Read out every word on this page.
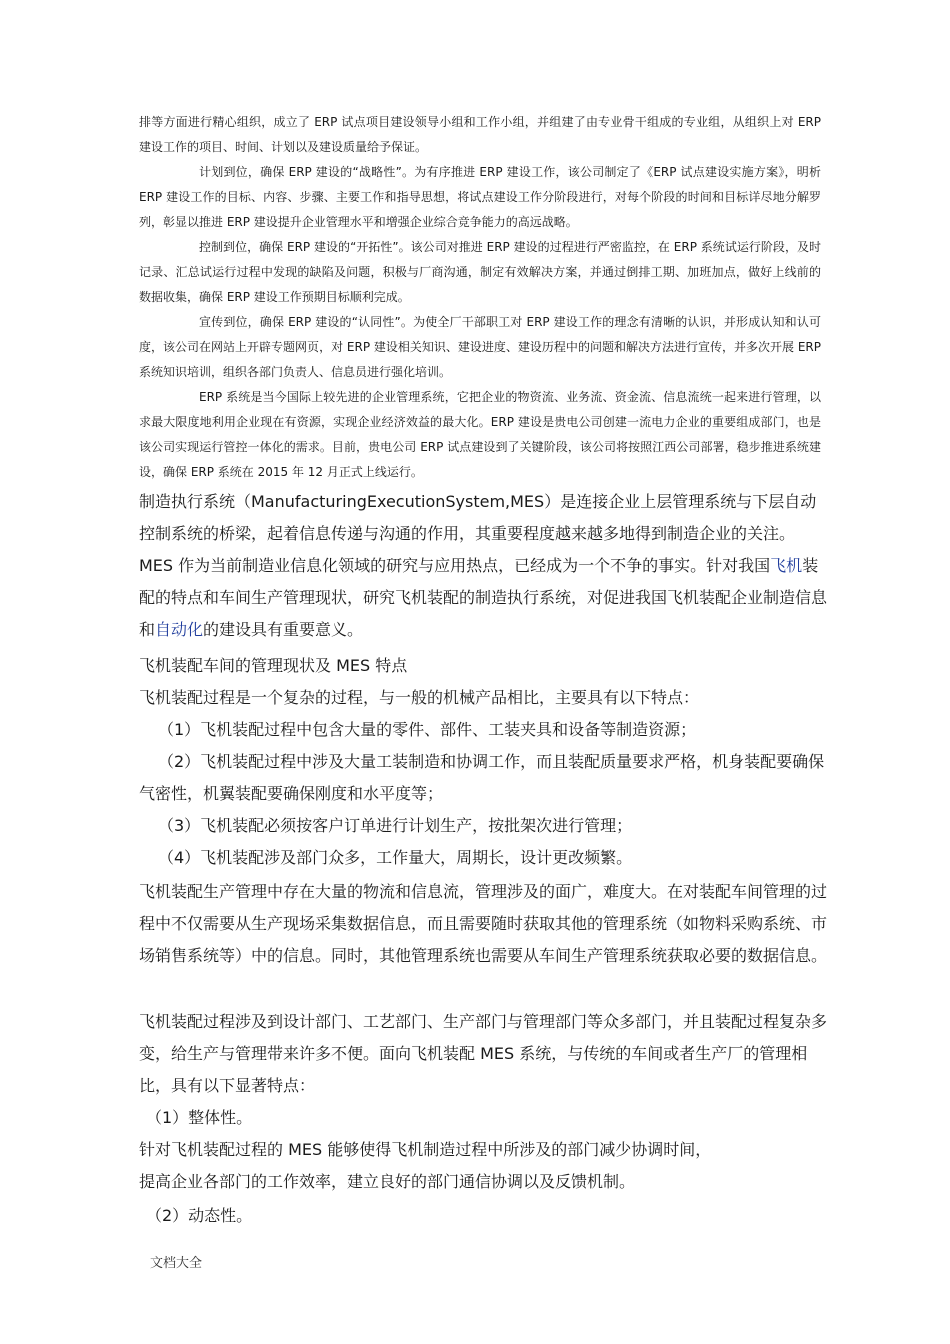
排等方面进行精心组织，成立了 ERP 试点项目建设领导小组和工作小组，并组建了由专业骨干组成的专业组，从组织上对 ERP 建设工作的项目、时间、计划以及建设质量给予保证。

计划到位，确保 ERP 建设的“战略性”。为有序推进 ERP 建设工作，该公司制定了《ERP 试点建设实施方案》，明析 ERP 建设工作的目标、内容、步骤、主要工作和指导思想，将试点建设工作分阶段进行，对每个阶段的时间和目标详尽地分解罗列，彰显以推进 ERP 建设提升企业管理水平和增强企业综合竞争能力的高远战略。

控制到位，确保 ERP 建设的“开拓性”。该公司对推进 ERP 建设的过程进行严密监控，在 ERP 系统试运行阶段，及时记录、汇总试运行过程中发现的缺陷及问题，积极与厂商沟通，制定有效解决方案，并通过倒排工期、加班加点，做好上线前的数据收集，确保 ERP 建设工作预期目标顺利完成。

宣传到位，确保 ERP 建设的“认同性”。为使全厂干部职工对 ERP 建设工作的理念有清晰的认识，并形成认知和认可度，该公司在网站上开辟专题网页，对 ERP 建设相关知识、建设进度、建设历程中的问题和解决方法进行宣传，并多次开展 ERP 系统知识培训，组织各部门负责人、信息员进行强化培训。

ERP 系统是当今国际上较先进的企业管理系统，它把企业的物资流、业务流、资金流、信息流统一起来进行管理，以求最大限度地利用企业现在有资源，实现企业经济效益的最大化。ERP 建设是贵电公司创建一流电力企业的重要组成部门，也是该公司实现运行管控一体化的需求。目前，贵电公司 ERP 试点建设到了关键阶段，该公司将按照江西公司部署，稳步推进系统建设，确保 ERP 系统在 2015 年 12 月正式上线运行。

制造执行系统（ManufacturingExecutionSystem,MES）是连接企业上层管理系统与下层自动控制系统的桥梁，起着信息传递与沟通的作用，其重要程度越来越多地得到制造企业的关注。MES 作为当前制造业信息化领域的研究与应用热点，已经成为一个不争的事实。针对我国飞机装配的特点和车间生产管理现状，研究飞机装配的制造执行系统，对促进我国飞机装配企业制造信息和自动化的建设具有重要意义。

飞机装配车间的管理现状及 MES 特点

飞机装配过程是一个复杂的过程，与一般的机械产品相比，主要具有以下特点：

（1）飞机装配过程中包含大量的零件、部件、工装夹具和设备等制造资源；

（2）飞机装配过程中涉及大量工装制造和协调工作，而且装配质量要求严格，机身装配要确保气密性，机翼装配要确保刚度和水平度等；

（3）飞机装配必须按客户订单进行计划生产，按批架次进行管理；

（4）飞机装配涉及部门众多，工作量大，周期长，设计更改频繁。

飞机装配生产管理中存在大量的物流和信息流，管理涉及的面广，难度大。在对装配车间管理的过程中不仅需要从生产现场采集数据信息，而且需要随时获取其他的管理系统（如物料采购系统、市场销售系统等）中的信息。同时，其他管理系统也需要从车间生产管理系统获取必要的数据信息。

飞机装配过程涉及到设计部门、工艺部门、生产部门与管理部门等众多部门，并且装配过程复杂多变，给生产与管理带来许多不便。面向飞机装配 MES 系统，与传统的车间或者生产厂的管理相比，具有以下显著特点：

（1）整体性。

针对飞机装配过程的 MES 能够使得飞机制造过程中所涉及的部门减少协调时间，

提高企业各部门的工作效率，建立良好的部门通信协调以及反馈机制。

（2）动态性。

文档大全
